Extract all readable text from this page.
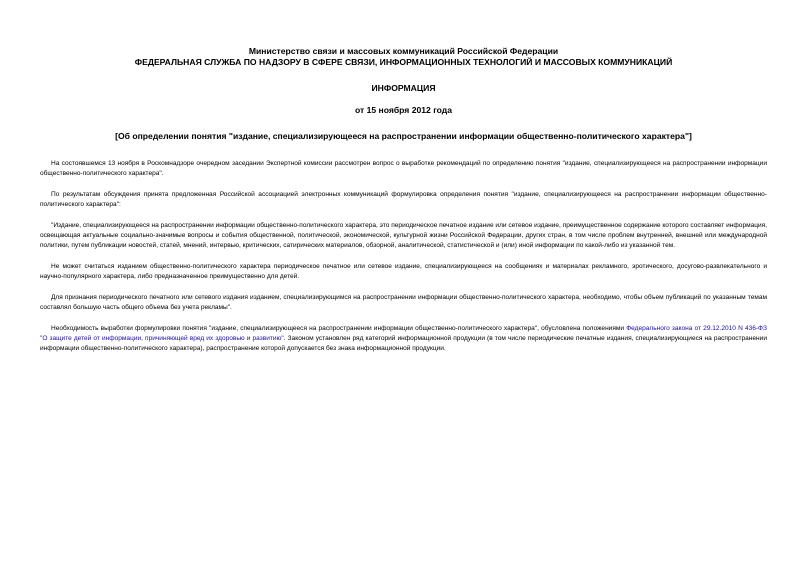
Министерство связи и массовых коммуникаций Российской Федерации

ФЕДЕРАЛЬНАЯ СЛУЖБА ПО НАДЗОРУ В СФЕРЕ СВЯЗИ, ИНФОРМАЦИОННЫХ ТЕХНОЛОГИЙ И МАССОВЫХ КОММУНИКАЦИЙ

ИНФОРМАЦИЯ

от 15 ноября 2012 года

[Об определении понятия "издание, специализирующееся на распространении информации общественно-политического характера"]

На состоявшемся 13 ноября в Роскомнадзоре очередном заседании Экспертной комиссии рассмотрен вопрос о выработке рекомендаций по определению понятия "издание, специализирующееся на распространении информации общественно-политического характера".

По результатам обсуждения принята предложенная Российской ассоциацией электронных коммуникаций формулировка определения понятия "издание, специализирующееся на распространении информации общественно-политического характера":

"Издание, специализирующееся на распространении информации общественно-политического характера, это периодическое печатное издание или сетевое издание, преимущественное содержание которого составляет информация, освещающая актуальные социально-значимые вопросы и события общественной, политической, экономической, культурной жизни Российской Федерации, других стран, в том числе проблем внутренней, внешней или международной политики, путем публикации новостей, статей, мнений, интервью, критических, сатирических материалов, обзорной, аналитической, статистической и (или) иной информации по какой-либо из указанной тем.

Не может считаться изданием общественно-политического характера периодическое печатное или сетевое издание, специализирующееся на сообщениях и материалах рекламного, эротического, досугово-развлекательного и научно-популярного характера, либо предназначенное преимущественно для детей.

Для признания периодического печатного или сетевого издания изданием, специализирующимся на распространении информации общественно-политического характера, необходимо, чтобы объем публикаций по указанным темам составлял большую часть общего объема без учета рекламы".

Необходимость выработки формулировки понятия "издание, специализирующееся на распространении информации общественно-политического характера", обусловлена положениями Федерального закона от 29.12.2010 N 436-ФЗ "О защите детей от информации, причиняющей вред их здоровью и развитию". Законом установлен ряд категорий информационной продукции (в том числе периодические печатные издания, специализирующиеся на распространении информации общественно-политического характера), распространение которой допускается без знака информационной продукции.
